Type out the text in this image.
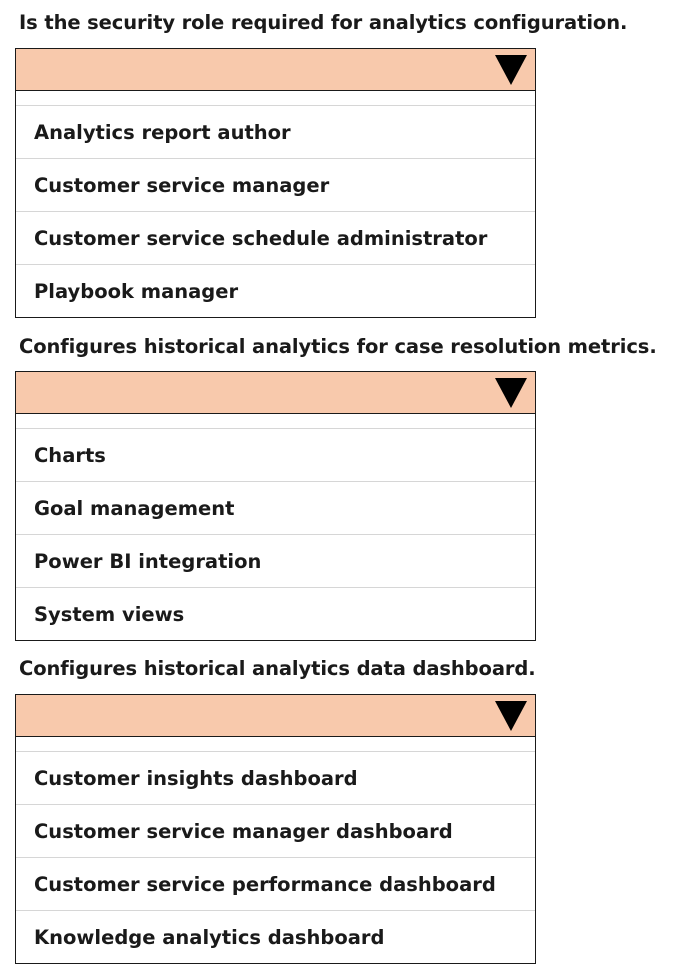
Is the security role required for analytics configuration.
Analytics report author
Customer service manager
Customer service schedule administrator
Playbook manager
Configures historical analytics for case resolution metrics.
Charts
Goal management
Power BI integration
System views
Configures historical analytics data dashboard.
Customer insights dashboard
Customer service manager dashboard
Customer service performance dashboard
Knowledge analytics dashboard
